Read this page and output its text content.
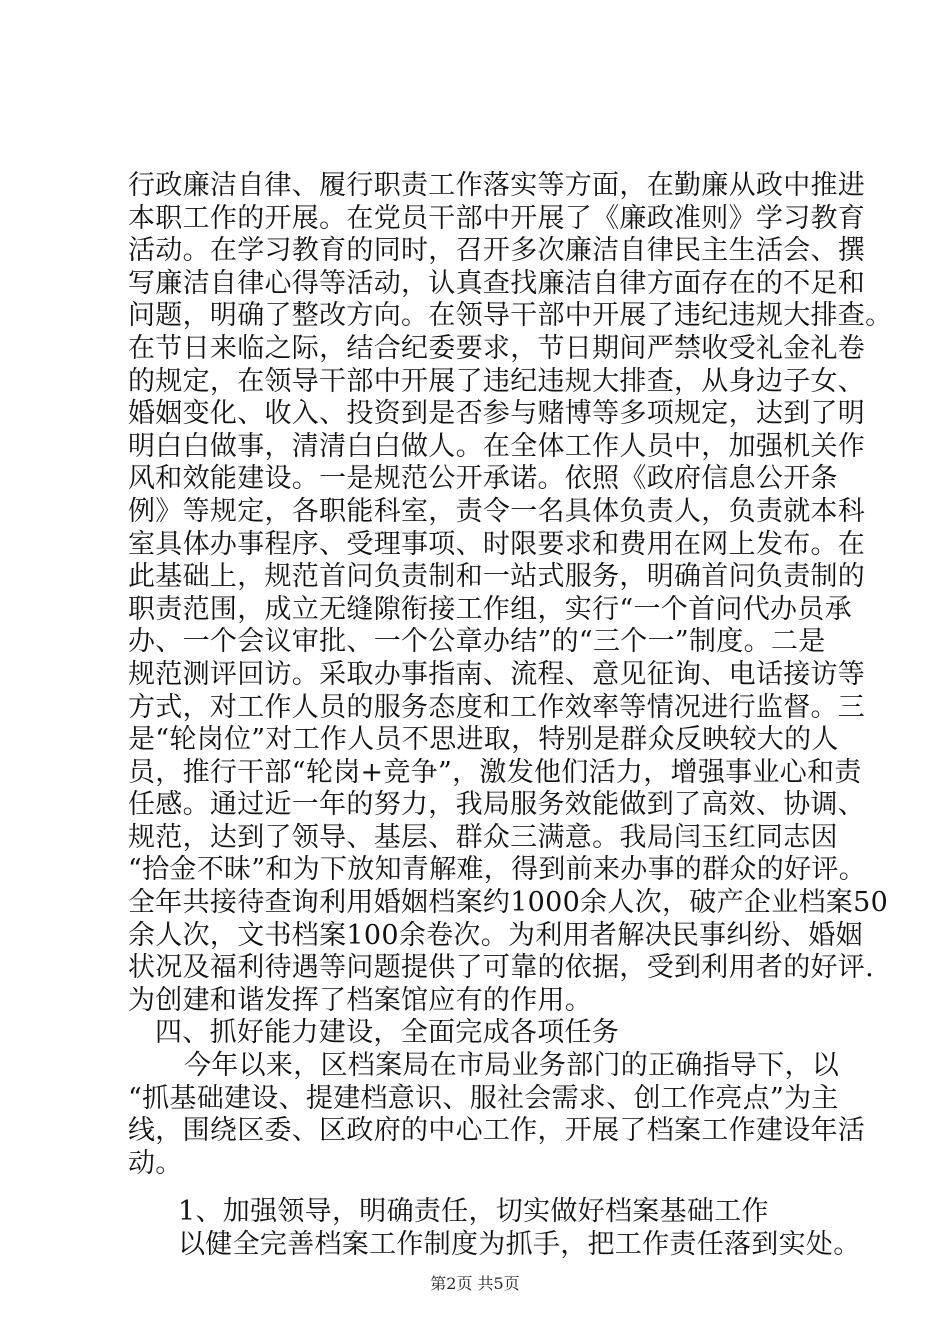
行政廉洁自律、履行职责工作落实等方面，在勤廉从政中推进
本职工作的开展。在党员干部中开展了《廉政准则》学习教育
活动。在学习教育的同时，召开多次廉洁自律民主生活会、撰
写廉洁自律心得等活动，认真查找廉洁自律方面存在的不足和
问题，明确了整改方向。在领导干部中开展了违纪违规大排查。
在节日来临之际，结合纪委要求，节日期间严禁收受礼金礼卷
的规定，在领导干部中开展了违纪违规大排查，从身边子女、
婚姻变化、收入、投资到是否参与赌博等多项规定，达到了明
明白白做事，清清白白做人。在全体工作人员中，加强机关作
风和效能建设。一是规范公开承诺。依照《政府信息公开条
例》等规定，各职能科室，责令一名具体负责人，负责就本科
室具体办事程序、受理事项、时限要求和费用在网上发布。在
此基础上，规范首问负责制和一站式服务，明确首问负责制的
职责范围，成立无缝隙衔接工作组，实行“一个首问代办员承
办、一个会议审批、一个公章办结”的“三个一”制度。二是
规范测评回访。采取办事指南、流程、意见征询、电话接访等
方式，对工作人员的服务态度和工作效率等情况进行监督。三
是“轮岗位”对工作人员不思进取，特别是群众反映较大的人
员，推行干部“轮岗+竞争”，激发他们活力，增强事业心和责
任感。通过近一年的努力，我局服务效能做到了高效、协调、
规范，达到了领导、基层、群众三满意。我局闫玉红同志因
“拾金不昧”和为下放知青解难，得到前来办事的群众的好评。
全年共接待查询利用婚姻档案约1000余人次，破产企业档案50
余人次，文书档案100余卷次。为利用者解决民事纠纷、婚姻
状况及福利待遇等问题提供了可靠的依据，受到利用者的好评.
为创建和谐发挥了档案馆应有的作用。
四、抓好能力建设，全面完成各项任务
今年以来，区档案局在市局业务部门的正确指导下，以
“抓基础建设、提建档意识、服社会需求、创工作亮点”为主
线，围绕区委、区政府的中心工作，开展了档案工作建设年活
动。
1、加强领导，明确责任，切实做好档案基础工作
以健全完善档案工作制度为抓手，把工作责任落到实处。
第2页 共5页
